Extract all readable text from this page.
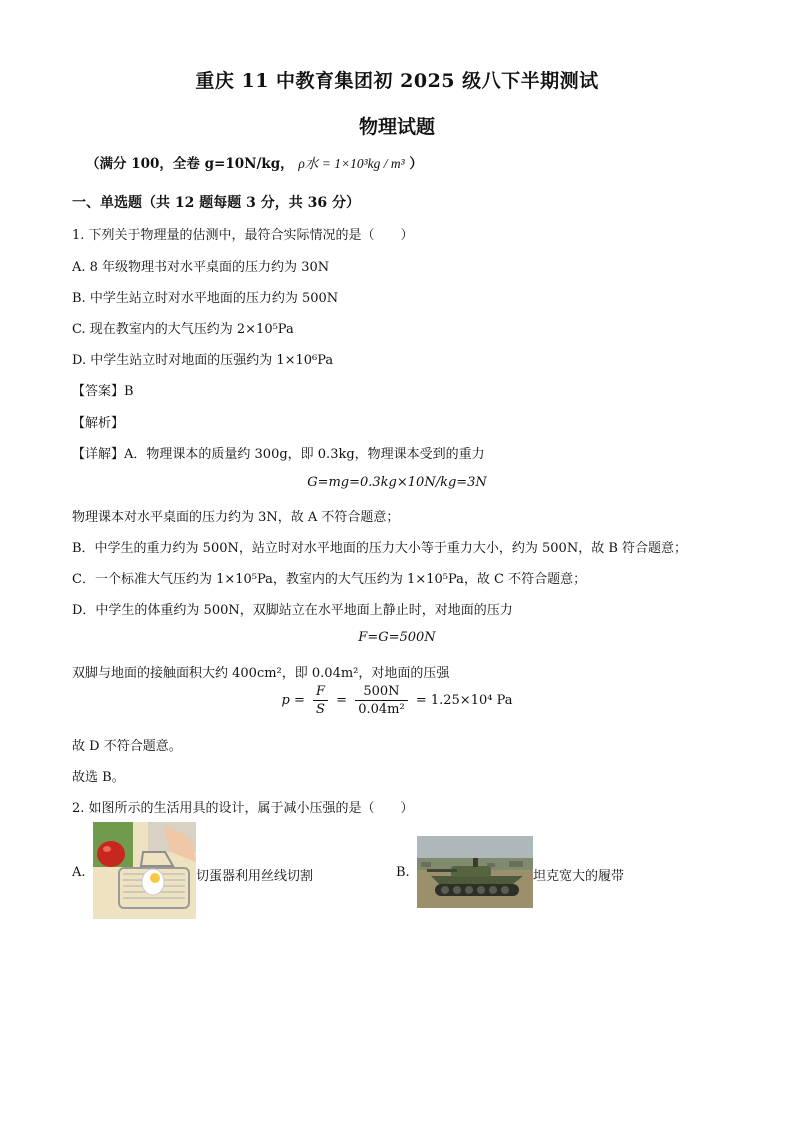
重庆 11 中教育集团初 2025 级八下半期测试
物理试题
（满分 100，全卷 g=10N/kg， ρ水 = 1×10³kg / m³ ）
一、单选题（共 12 题每题 3 分，共 36 分）
1. 下列关于物理量的估测中，最符合实际情况的是（　　）
A. 8 年级物理书对水平桌面的压力约为 30N
B. 中学生站立时对水平地面的压力约为 500N
C. 现在教室内的大气压约为 2×10⁵Pa
D. 中学生站立时对地面的压强约为 1×10⁶Pa
【答案】B
【解析】
【详解】A．物理课本的质量约 300g，即 0.3kg，物理课本受到的重力
G=mg=0.3kg×10N/kg=3N
物理课本对水平桌面的压力约为 3N，故 A 不符合题意；
B．中学生的重力约为 500N，站立时对水平地面的压力大小等于重力大小，约为 500N，故 B 符合题意；
C．一个标准大气压约为 1×10⁵Pa，教室内的大气压约为 1×10⁵Pa，故 C 不符合题意；
D．中学生的体重约为 500N，双脚站立在水平地面上静止时，对地面的压力
F=G=500N
双脚与地面的接触面积大约 400cm²，即 0.04m²，对地面的压强
$p = \frac{F}{S} = \frac{500N}{\text{0.04m²}} = 1.25\times 10^4$ Pa
故 D 不符合题意。
故选 B。
2. 如图所示的生活用具的设计，属于减小压强的是（　　）
A.	切蛋器利用丝线切割	B.	坦克宽大的履带
